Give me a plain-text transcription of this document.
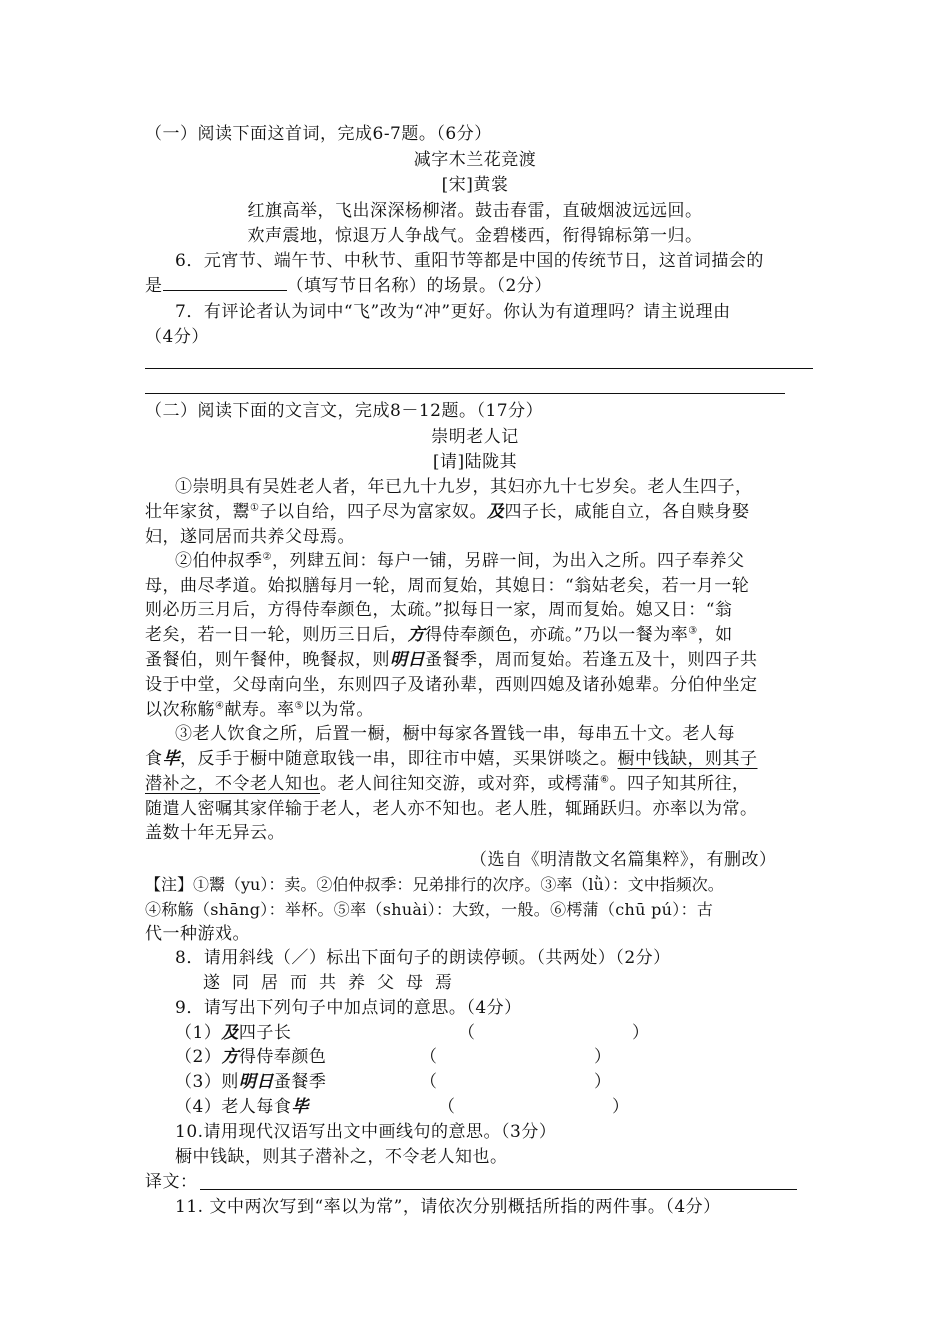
（一）阅读下面这首词，完成6-7题。（6分）
减字木兰花竞渡
[宋]黄裳
红旗高举，飞出深深杨柳渚。鼓击春雷，直破烟波远远回。
欢声震地，惊退万人争战气。金碧楼西，衔得锦标第一归。
6．元宵节、端午节、中秋节、重阳节等都是中国的传统节日，这首词描会的
是	（填写节日名称）的场景。（2分）
7．有评论者认为词中“飞”改为“冲”更好。你认为有道理吗？请主说理由
（4分）
（二）阅读下面的文言文，完成8－12题。（17分）
崇明老人记
[请]陆陇其
①崇明具有吴姓老人者，年已九十九岁，其妇亦九十七岁矣。老人生四子，
壮年家贫，鬻①子以自给，四子尽为富家奴。及四子长，咸能自立，各自赎身娶
妇，遂同居而共养父母焉。
②伯仲叔季②，列肆五间：每户一铺，另辟一间，为出入之所。四子奉养父
母，曲尽孝道。始拟膳每月一轮，周而复始，其媳日：“翁姑老矣，若一月一轮
则必历三月后，方得侍奉颜色，太疏。”拟每日一家，周而复始。媳又日：“翁
老矣，若一日一轮，则历三日后，方得侍奉颜色，亦疏。”乃以一餐为率③，如
蚤餐伯，则午餐仲，晚餐叔，则明日蚤餐季，周而复始。若逢五及十，则四子共
设于中堂，父母南向坐，东则四子及诸孙辈，西则四媳及诸孙媳辈。分伯仲坐定
以次称觞④献寿。率⑤以为常。
③老人饮食之所，后置一橱，橱中每家各置钱一串，每串五十文。老人每
食毕，反手于橱中随意取钱一串，即往市中嬉，买果饼啖之。橱中钱缺，则其子
潜补之，不令老人知也。老人间往知交游，或对弈，或樗蒲⑥。四子知其所往，
随遣人密嘱其家佯输于老人，老人亦不知也。老人胜，辄踊跃归。亦率以为常。
盖数十年无异云。
（选自《明清散文名篇集粹》，有删改）
【注】①鬻（yu）：卖。②伯仲叔季：兄弟排行的次序。③率（lǜ）：文中指频次。
④称觞（shāng）：举杯。⑤率（shuài）：大致，一般。⑥樗蒲（chū pú）：古
代一种游戏。
8．请用斜线（／）标出下面句子的朗读停顿。（共两处）（2分）
遂同居而共养父母焉
9．请写出下列句子中加点词的意思。（4分）
（1）及四子长	（	）
（2）方得侍奉颜色	（	）
（3）则明日蚤餐季	（	）
（4）老人每食毕	（	）
10.请用现代汉语写出文中画线句的意思。（3分）
橱中钱缺，则其子潜补之，不令老人知也。
译文：
11. 文中两次写到“率以为常”，请依次分别概括所指的两件事。（4分）
